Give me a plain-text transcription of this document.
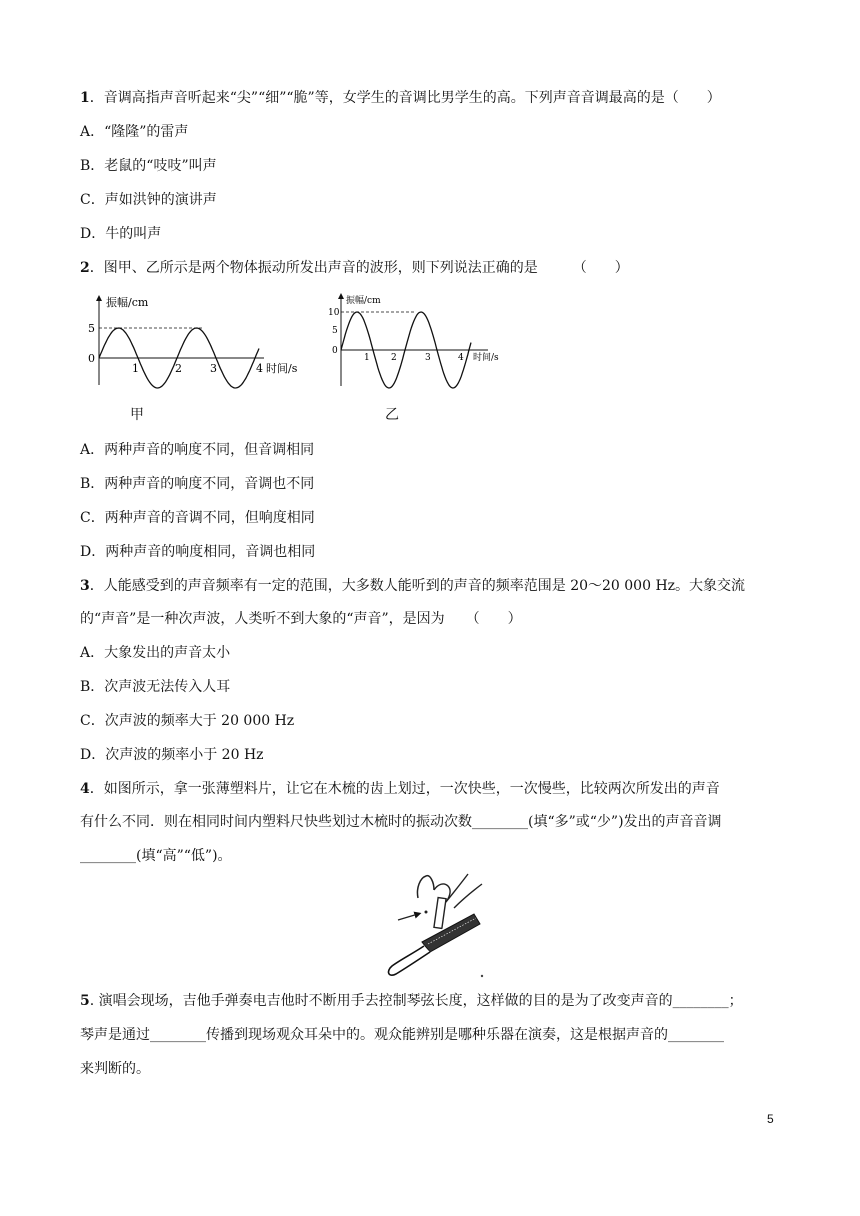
1．音调高指声音听起来“尖”“细”“脆”等，女学生的音调比男学生的高。下列声音音调最高的是（　　）
A．“隆隆”的雷声
B．老鼠的“吱吱”叫声
C．声如洪钟的演讲声
D．牛的叫声
2．图甲、乙所示是两个物体振动所发出声音的波形，则下列说法正确的是　　　（　　）
振幅/cm
5
0
1	2	3	4 时间/s
甲
振幅/cm
10
5
0
1 2	3	4 时间/s
乙
A．两种声音的响度不同，但音调相同
B．两种声音的响度不同，音调也不同
C．两种声音的音调不同，但响度相同
D．两种声音的响度相同，音调也相同
3．人能感受到的声音频率有一定的范围，大多数人能听到的声音的频率范围是 20～20 000 Hz。大象交流
的“声音”是一种次声波，人类听不到大象的“声音”，是因为　　（　　）
A．大象发出的声音太小
B．次声波无法传入人耳
C．次声波的频率大于 20 000 Hz
D．次声波的频率小于 20 Hz
4．如图所示，拿一张薄塑料片，让它在木梳的齿上划过，一次快些，一次慢些，比较两次所发出的声音
有什么不同．则在相同时间内塑料尺快些划过木梳时的振动次数________(填“多”或“少”)发出的声音音调
________(填“高”“低”)。
5. 演唱会现场，吉他手弹奏电吉他时不断用手去控制琴弦长度，这样做的目的是为了改变声音的________；
琴声是通过________传播到现场观众耳朵中的。观众能辨别是哪种乐器在演奏，这是根据声音的________
来判断的。
5
